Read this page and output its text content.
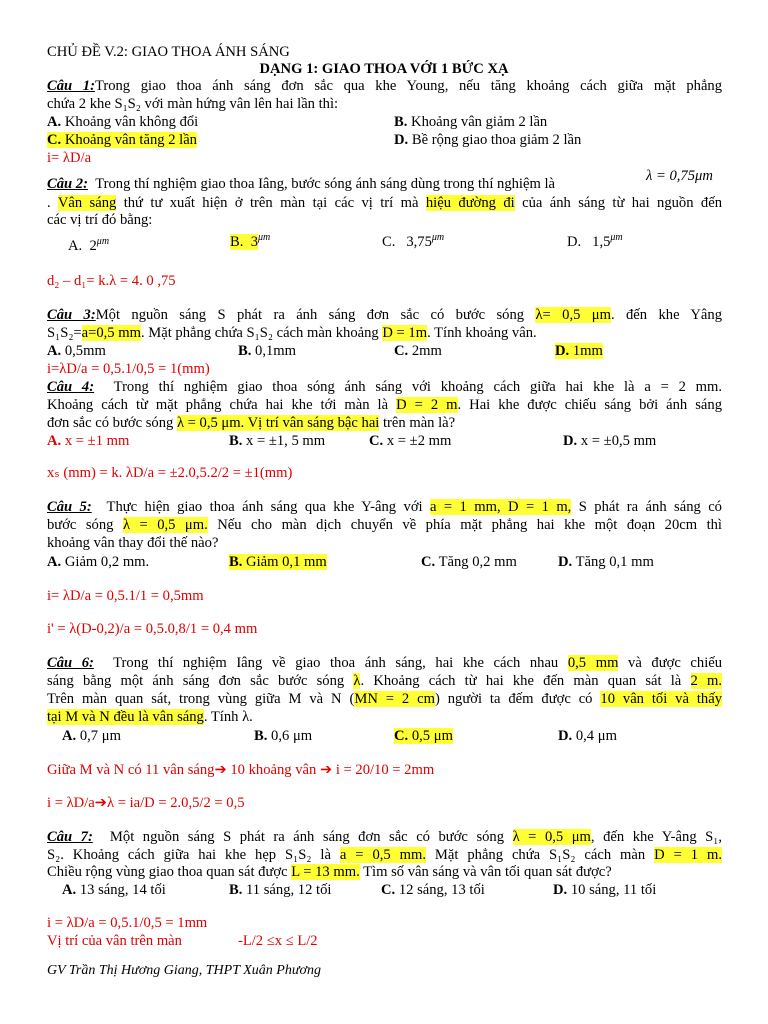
CHỦ ĐỀ V.2: GIAO THOA ÁNH SÁNG
DẠNG 1: GIAO THOA VỚI 1 BỨC XẠ
Câu 1:Trong giao thoa ánh sáng đơn sắc qua khe Young, nếu tăng khoảng cách giữa mặt phẳng
chứa 2 khe S₁S₂ với màn hứng vân lên hai lần thì:
A. Khoảng vân không đổi	B. Khoảng vân giảm 2 lần
C. Khoảng vân tăng 2 lần	D. Bề rộng giao thoa giảm 2 lần
i= λD/a
Câu 2: Trong thí nghiệm giao thoa Iâng, bước sóng ánh sáng dùng trong thí nghiệm là	λ = 0,75μm
. Vân sáng thứ tư xuất hiện ở trên màn tại các vị trí mà hiệu đường đi của ánh sáng từ hai nguồn đến
các vị trí đó bằng:
A.  $2^{\mu m}$	B.  $3^{\mu m}$	C.   $3,75^{\mu m}$	D.   $1,5^{\mu m}$
d₂ – d₁= k.λ = 4. 0 ,75
Câu 3:Một nguồn sáng S phát ra ánh sáng đơn sắc có bước sóng λ= 0,5 μm. đến khe Yâng
S₁S₂=a=0,5 mm. Mặt phẳng chứa S₁S₂ cách màn khoảng D = 1m. Tính khoảng vân.
A. 0,5mm	B. 0,1mm	C. 2mm	D. 1mm
i=λD/a = 0,5.1/0,5 = 1(mm)
Câu 4: Trong thí nghiệm giao thoa sóng ánh sáng với khoảng cách giữa hai khe là a = 2 mm.
Khoảng cách từ mặt phẳng chứa hai khe tới màn là D = 2 m. Hai khe được chiếu sáng bởi ánh sáng
đơn sắc có bước sóng λ = 0,5 μm. Vị trí vân sáng bậc hai trên màn là?
A. x = ±1 mm	B. x = ±1, 5 mm	C. x = ±2 mm	D. x = ±0,5 mm
xₛ (mm) = k. λD/a = ±2.0,5.2/2 = ±1(mm)
Câu 5: Thực hiện giao thoa ánh sáng qua khe Y-âng với a = 1 mm, D = 1 m, S phát ra ánh sáng có
bước sóng λ = 0,5 μm. Nếu cho màn dịch chuyển về phía mặt phẳng hai khe một đoạn 20cm thì
khoảng vân thay đổi thế nào?
A. Giảm 0,2 mm.	B. Giảm 0,1 mm	C. Tăng 0,2 mm	D. Tăng 0,1 mm
i= λD/a = 0,5.1/1 = 0,5mm
i' = λ(D-0,2)/a = 0,5.0,8/1 = 0,4 mm
Câu 6: Trong thí nghiệm Iâng về giao thoa ánh sáng, hai khe cách nhau 0,5 mm và được chiếu
sáng bằng một ánh sáng đơn sắc bước sóng λ. Khoảng cách từ hai khe đến màn quan sát là 2 m.
Trên màn quan sát, trong vùng giữa M và N (MN = 2 cm) người ta đếm được có 10 vân tối và thấy
tại M và N đều là vân sáng. Tính λ.
A. 0,7 μm	B. 0,6 μm	C. 0,5 μm	D. 0,4 μm
Giữa M và N có 11 vân sáng➔ 10 khoảng vân ➔ i = 20/10 = 2mm
i = λD/a➔λ = ia/D = 2.0,5/2 = 0,5
Câu 7: Một nguồn sáng S phát ra ánh sáng đơn sắc có bước sóng λ = 0,5 μm, đến khe Y-âng S₁,
S₂. Khoảng cách giữa hai khe hẹp S₁S₂ là a = 0,5 mm. Mặt phẳng chứa S₁S₂ cách màn D = 1 m.
Chiều rộng vùng giao thoa quan sát được L = 13 mm. Tìm số vân sáng và vân tối quan sát được?
A. 13 sáng, 14 tối	B. 11 sáng, 12 tối	C. 12 sáng, 13 tối	D. 10 sáng, 11 tối
i = λD/a = 0,5.1/0,5 = 1mm
Vị trí của vân trên màn	-L/2 ≤x ≤ L/2
GV Trần Thị Hương Giang, THPT Xuân Phương
